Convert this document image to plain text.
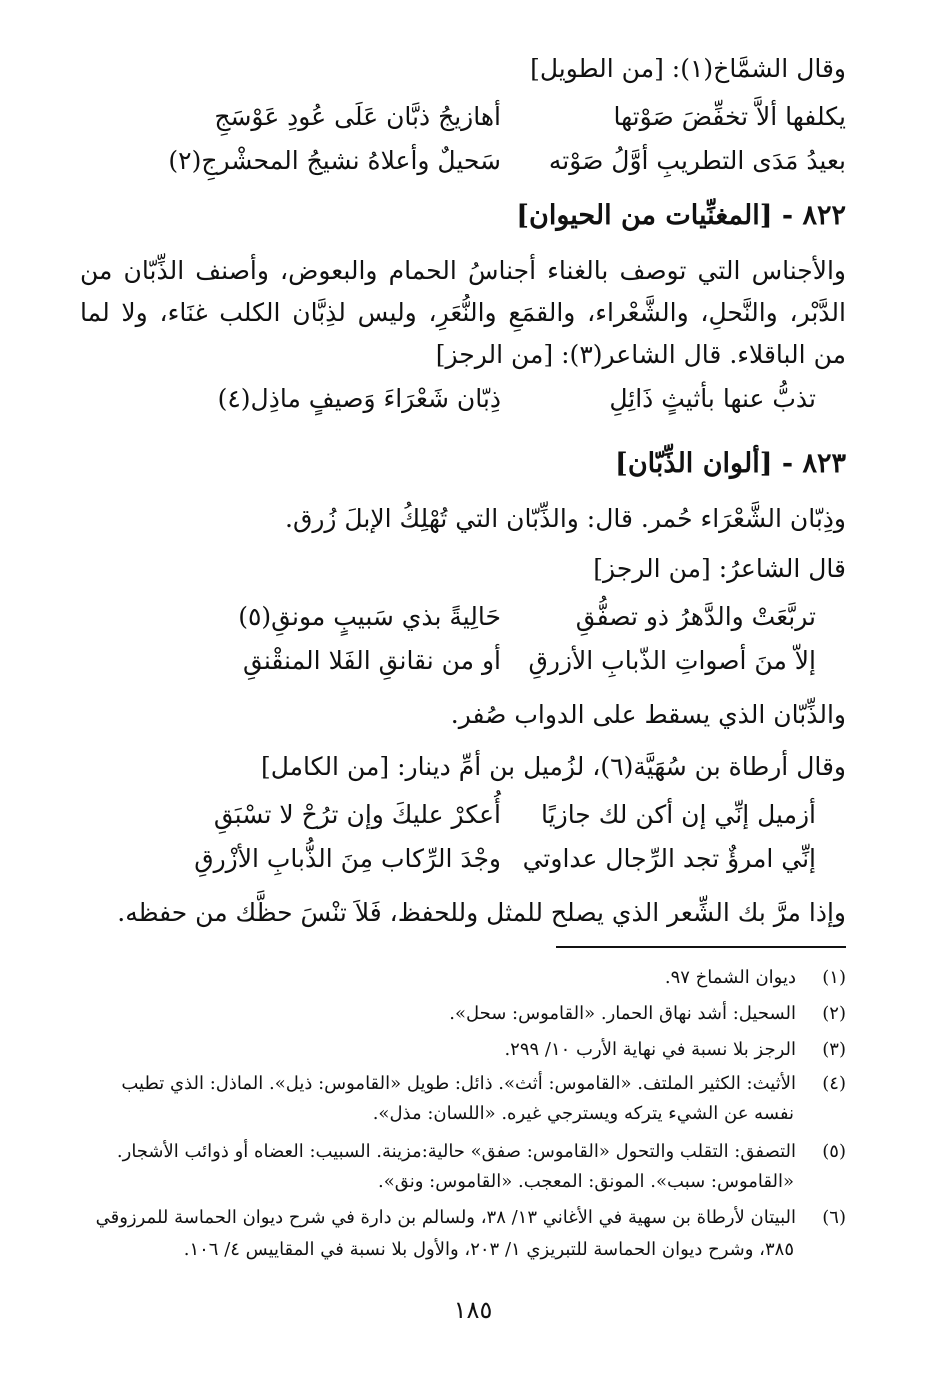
وقال الشمَّاخ(١): [من الطويل]
يكلفها ألاَّ تخفِّضَ صَوْتها
أهازيجُ ذبَّان عَلَى عُودِ عَوْسَجِ
بعيدُ مَدَى التطريبِ أوَّلُ صَوْته
سَحيلٌ وأعلاهُ نشيجُ المحشْرجِ(٢)
٨٢٢ - [المغنِّيات من الحيوان]
والأجناس التي توصف بالغناء أجناسُ الحمام والبعوض، وأصنف الذِّبّان من
الدَّبْر، والنَّحلِ، والشَّعْراء، والقمَعِ والنُّعَرِ، وليس لذِبَّان الكلب غنَاء، ولا لما
من الباقلاء. قال الشاعر(٣): [من الرجز]
تذبُّ عنها بأثيثٍ ذَائِلِ
ذِبّان شَعْرَاءَ وَصيفٍ ماذِل(٤)
٨٢٣ - [ألوان الذِّبّان]
وذِبّان الشَّعْرَاء حُمر. قال: والذِّبّان التي تُهْلِكُ الإبلَ زُرق.
قال الشاعرُ: [من الرجز]
تربَّعَتْ والدَّهرُ ذو تصفُّقِ
حَالِيةً بذي سَبيبٍ مونقِ(٥)
إلاّ منَ أصواتِ الذّبابِ الأزرقِ
أو من نقانقِ الفَلا المنقْنقِ
والذِّبّان الذي يسقط على الدواب صُفر.
وقال أرطاة بن سُهَيَّة(٦)، لزُميل بن أمِّ دينار: [من الكامل]
أزميل إنِّي إن أكن لك جازيًا
أُعكرْ عليكَ وإن ترُحْ لا تسْبَقِ
إنِّي امرؤٌ تجد الرِّجال عداوتي
وجْدَ الرِّكاب مِنَ الذُّبابِ الأزْرقِ
وإذا مرَّ بك الشِّعر الذي يصلح للمثل وللحفظ، فَلاَ تنْسَ حظَّك من حفظه.
(١)
ديوان الشماخ ٩٧.
(٢)
السحيل: أشد نهاق الحمار. «القاموس: سحل».
(٣)
الرجز بلا نسبة في نهاية الأرب ١٠/ ٢٩٩.
(٤)
الأثيث: الكثير الملتف. «القاموس: أثث». ذائل: طويل «القاموس: ذيل». الماذل: الذي تطيب
نفسه عن الشيء يتركه ويسترجي غيره. «اللسان: مذل».
(٥)
التصفق: التقلب والتحول «القاموس: صفق» حالية:مزينة. السبيب: العضاه أو ذوائب الأشجار.
«القاموس: سبب». المونق: المعجب. «القاموس: ونق».
(٦)
البيتان لأرطاة بن سهية في الأغاني ١٣/ ٣٨، ولسالم بن دارة في شرح ديوان الحماسة للمرزوقي
٣٨٥، وشرح ديوان الحماسة للتبريزي ١/ ٢٠٣، والأول بلا نسبة في المقاييس ٤/ ١٠٦.
١٨٥
